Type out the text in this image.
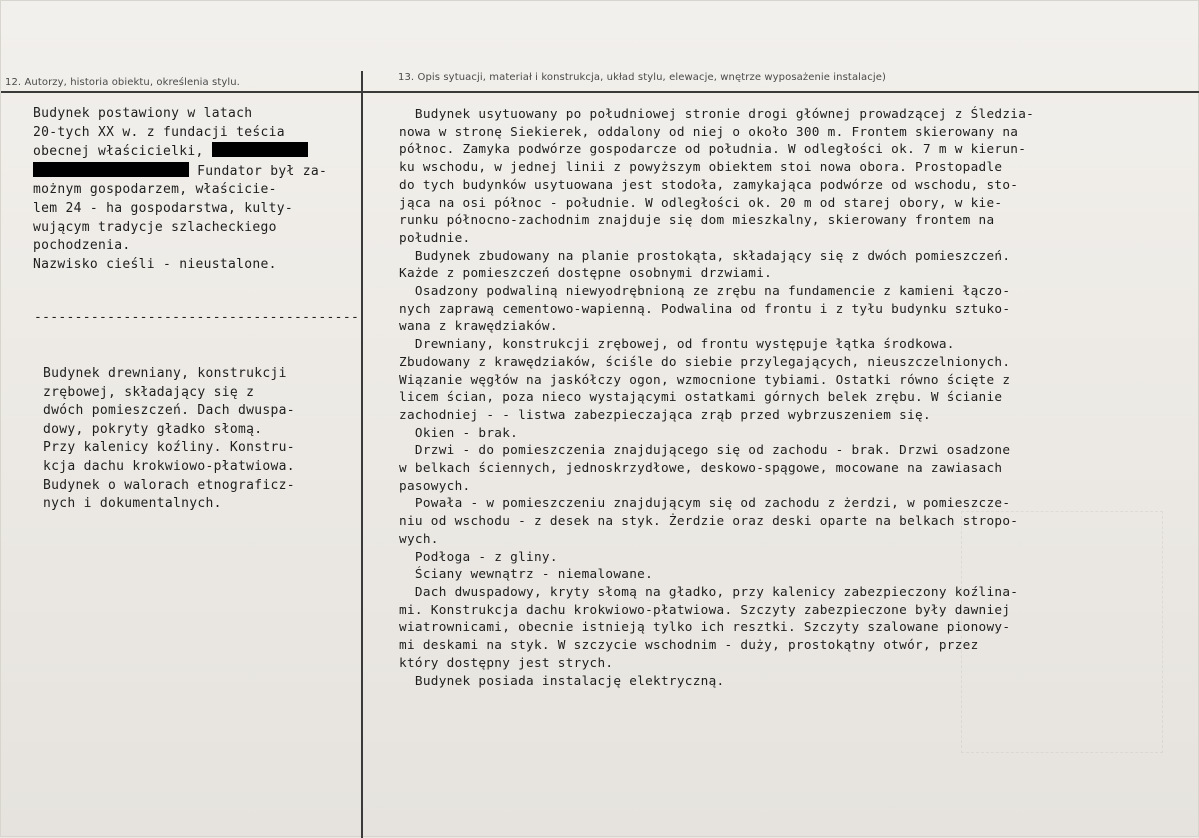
12. Autorzy, historia obiektu, określenia stylu.	13. Opis sytuacji, materiał i konstrukcja, układ stylu, elewacje, wnętrze wyposażenie instalacje)
Budynek postawiony w latach
20-tych XX w. z fundacji teścia
obecnej właścicielki,
Fundator był za-
możnym gospodarzem, właściciе-
lem 24 - ha gospodarstwa, kulty-
wującym tradycje szlacheckiego
pochodzenia.
Nazwisko cieśli - nieustalone.
----------------------------------------
Budynek drewniany, konstrukcji
zrębowej, składający się z
dwóch pomieszczeń. Dach dwuspa-
dowy, pokryty gładko słomą.
Przy kalenicy koźliny. Konstru-
kcja dachu krokwiowo-płatwiowa.
Budynek o walorach etnograficz-
nych i dokumentalnych.
Budynek usytuowany po południowej stronie drogi głównej prowadzącej z Śledzia-
nowa w stronę Siekierek, oddalony od niej o około 300 m. Frontem skierowany na
północ. Zamyka podwórze gospodarcze od południa. W odległości ok. 7 m w kierun-
ku wschodu, w jednej linii z powyższym obiektem stoi nowa obora. Prostopadle
do tych budynków usytuowana jest stodoła, zamykająca podwórze od wschodu, sto-
jąca na osi północ - południe. W odległości ok. 20 m od starej obory, w kie-
runku północno-zachodnim znajduje się dom mieszkalny, skierowany frontem na
południe.
Budynek zbudowany na planie prostokąta, składający się z dwóch pomieszczeń.
Każde z pomieszczeń dostępne osobnymi drzwiami.
Osadzony podwaliną niewyodrębnioną ze zrębu na fundamencie z kamieni łączo-
nych zaprawą cementowo-wapienną. Podwalina od frontu i z tyłu budynku sztuko-
wana z krawędziaków.
Drewniany, konstrukcji zrębowej, od frontu występuje łątka środkowa.
Zbudowany z krawędziaków, ściśle do siebie przylegających, nieuszczelnionych.
Wiązanie węgłów na jaskółczy ogon, wzmocnione tybiami. Ostatki równo ścięte z
licem ścian, poza nieco wystającymi ostatkami górnych belek zrębu. W ścianie
zachodniej - - listwa zabezpieczająca zrąb przed wybrzuszeniem się.
Okien - brak.
Drzwi - do pomieszczenia znajdującego się od zachodu - brak. Drzwi osadzone
w belkach ściennych, jednoskrzydłowe, deskowo-spągowe, mocowane na zawiasach
pasowych.
Powała - w pomieszczeniu znajdującym się od zachodu z żerdzi, w pomieszcze-
niu od wschodu - z desek na styk. Żerdzie oraz deski oparte na belkach stropo-
wych.
Podłoga - z gliny.
Ściany wewnątrz - niemalowane.
Dach dwuspadowy, kryty słomą na gładko, przy kalenicy zabezpieczony koźlina-
mi. Konstrukcja dachu krokwiowo-płatwiowa. Szczyty zabezpieczone były dawniej
wiatrownicami, obecnie istnieją tylko ich resztki. Szczyty szalowane pionowy-
mi deskami na styk. W szczycie wschodnim - duży, prostokątny otwór, przez
który dostępny jest strych.
Budynek posiada instalację elektryczną.
